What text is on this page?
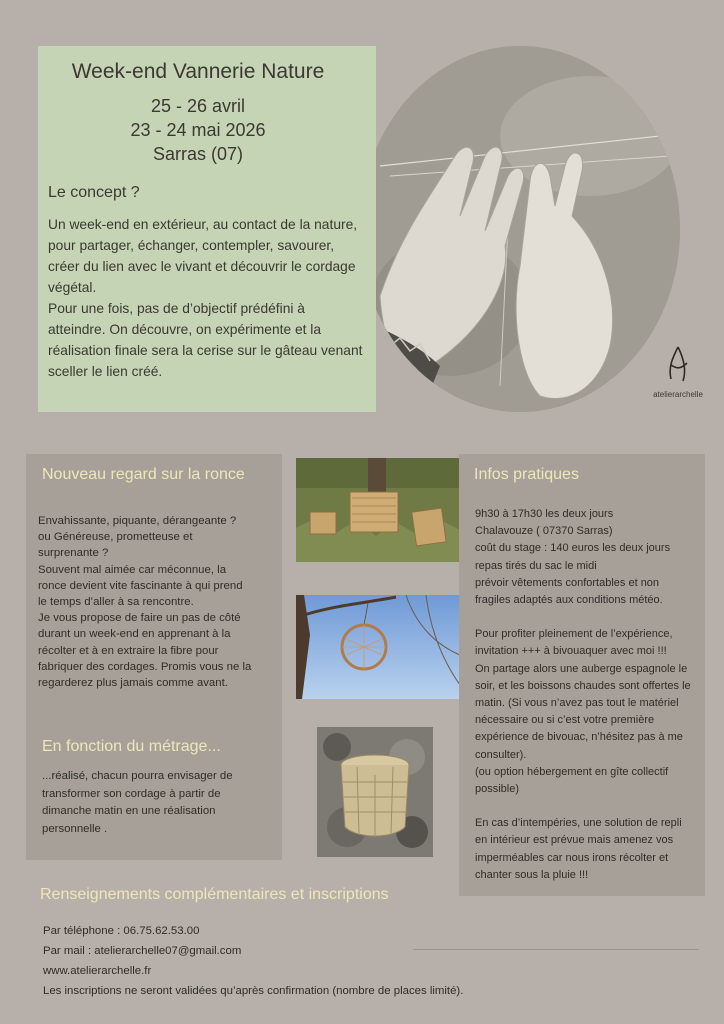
Week-end Vannerie Nature
25 - 26 avril
23 - 24 mai 2026
Sarras (07)
Le concept ?

Un week-end en extérieur, au contact de la nature, pour partager, échanger, contempler, savourer, créer du lien avec le vivant et découvrir le cordage végétal.

Pour une fois, pas de d’objectif prédéfini à atteindre. On découvre, on expérimente et la réalisation finale sera la cerise sur le gâteau venant sceller le lien créé.

atelierarchelle
Nouveau regard sur la ronce

Envahissante, piquante, dérangeante ?

ou Généreuse, prometteuse et

surprenante ?

Souvent mal aimée car méconnue, la

ronce devient vite fascinante à qui prend

le temps d’aller à sa rencontre.

Je vous propose de faire un pas de côté

durant un week-end en apprenant à la

récolter et à en extraire la fibre pour

fabriquer des cordages. Promis vous ne la

regarderez plus jamais comme avant.

En fonction du métrage...

...réalisé, chacun pourra envisager de

transformer son cordage à partir de

dimanche matin en une réalisation

personnelle .

Infos pratiques

9h30 à 17h30 les deux jours

Chalavouze ( 07370 Sarras)

coût du stage : 140 euros les deux jours

repas tirés du sac le midi

prévoir vêtements confortables et non

fragiles adaptés aux conditions météo.

Pour profiter pleinement de l’expérience,

invitation +++ à bivouaquer avec moi !!!

On partage alors une auberge espagnole le

soir, et les boissons chaudes sont offertes le

matin. (Si vous n’avez pas tout le matériel

nécessaire ou si c’est votre première

expérience de bivouac, n’hésitez pas à me

consulter).

(ou option hébergement en gîte collectif

possible)

En cas d’intempéries, une solution de repli

en intérieur est prévue mais amenez vos

imperméables car nous irons récolter et

chanter sous la pluie !!!

Renseignements complémentaires et inscriptions

Par téléphone : 06.75.62.53.00

Par mail : atelierarchelle07@gmail.com

www.atelierarchelle.fr

Les inscriptions ne seront validées qu’après confirmation (nombre de places limité).
